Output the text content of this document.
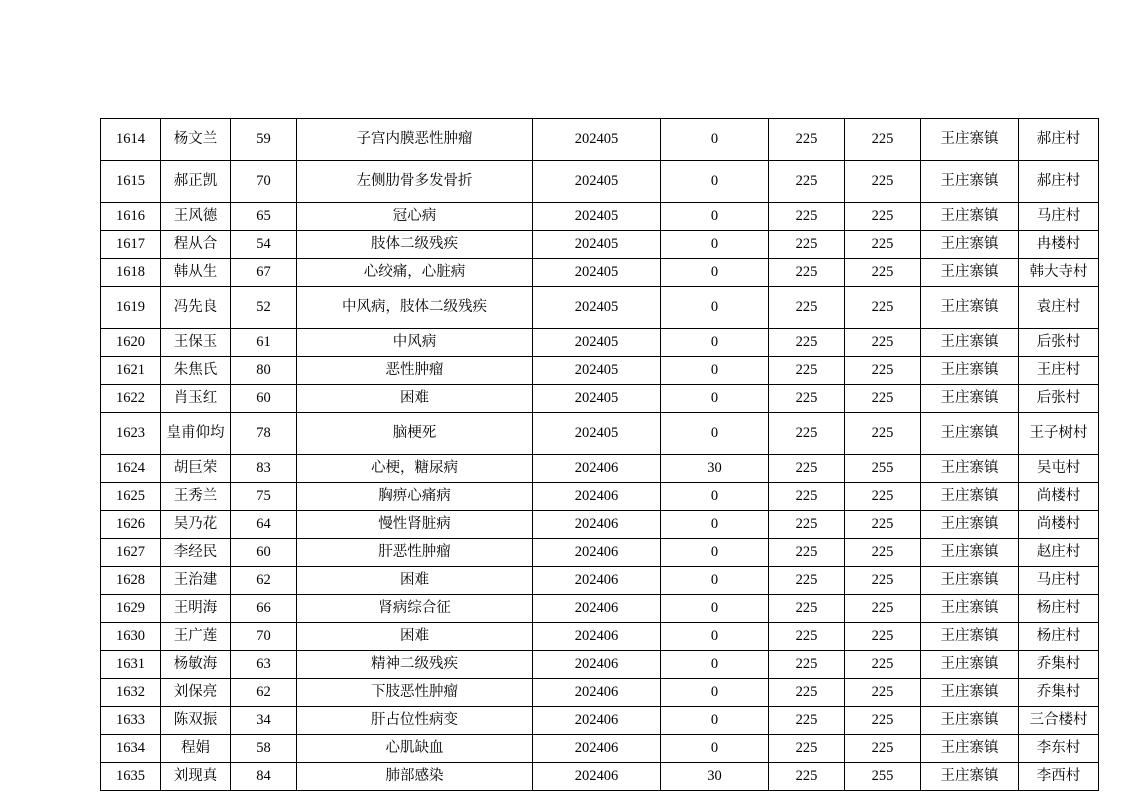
1614	杨文兰	59	子宫内膜恶性肿瘤	202405	0	225	225	王庄寨镇	郝庄村
1615	郝正凯	70	左侧肋骨多发骨折	202405	0	225	225	王庄寨镇	郝庄村
1616	王风德	65	冠心病	202405	0	225	225	王庄寨镇	马庄村
1617	程从合	54	肢体二级残疾	202405	0	225	225	王庄寨镇	冉楼村
1618	韩从生	67	心绞痛，心脏病	202405	0	225	225	王庄寨镇	韩大寺村
1619	冯先良	52	中风病，肢体二级残疾	202405	0	225	225	王庄寨镇	袁庄村
1620	王保玉	61	中风病	202405	0	225	225	王庄寨镇	后张村
1621	朱焦氏	80	恶性肿瘤	202405	0	225	225	王庄寨镇	王庄村
1622	肖玉红	60	困难	202405	0	225	225	王庄寨镇	后张村
1623	皇甫仰均	78	脑梗死	202405	0	225	225	王庄寨镇	王子树村
1624	胡巨荣	83	心梗，糖尿病	202406	30	225	255	王庄寨镇	吴屯村
1625	王秀兰	75	胸痹心痛病	202406	0	225	225	王庄寨镇	尚楼村
1626	吴乃花	64	慢性肾脏病	202406	0	225	225	王庄寨镇	尚楼村
1627	李经民	60	肝恶性肿瘤	202406	0	225	225	王庄寨镇	赵庄村
1628	王治建	62	困难	202406	0	225	225	王庄寨镇	马庄村
1629	王明海	66	肾病综合征	202406	0	225	225	王庄寨镇	杨庄村
1630	王广莲	70	困难	202406	0	225	225	王庄寨镇	杨庄村
1631	杨敏海	63	精神二级残疾	202406	0	225	225	王庄寨镇	乔集村
1632	刘保亮	62	下肢恶性肿瘤	202406	0	225	225	王庄寨镇	乔集村
1633	陈双振	34	肝占位性病变	202406	0	225	225	王庄寨镇	三合楼村
1634	程娟	58	心肌缺血	202406	0	225	225	王庄寨镇	李东村
1635	刘现真	84	肺部感染	202406	30	225	255	王庄寨镇	李西村
